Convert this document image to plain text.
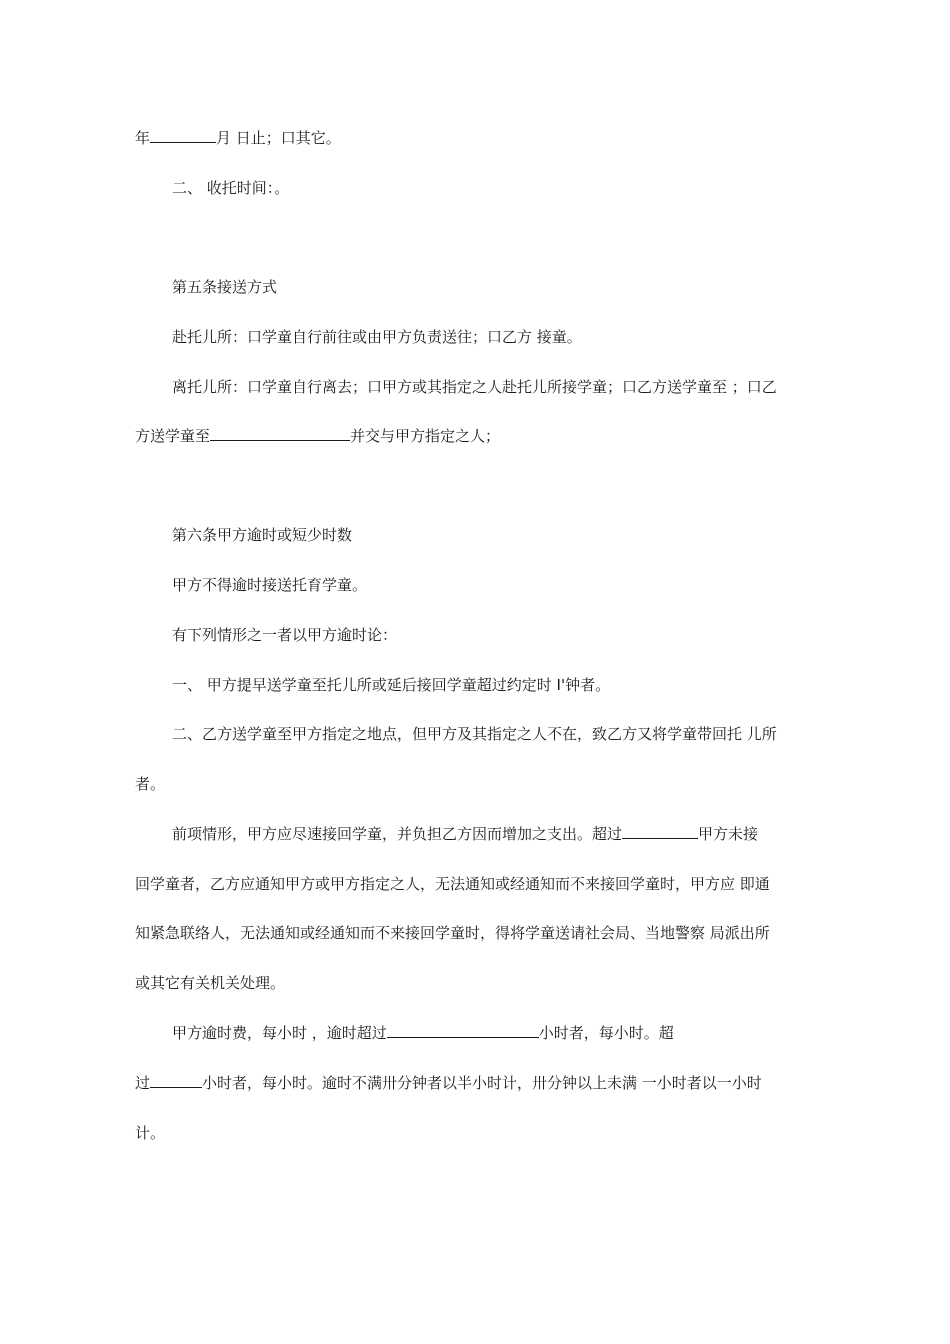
年	月 日止；口其它。
二、 收托时间：。
第五条接送方式
赴托儿所：口学童自行前往或由甲方负责送往；口乙方 接童。
离托儿所：口学童自行离去；口甲方或其指定之人赴托儿所接学童；口乙方送学童至 ；口乙
方送学童至	并交与甲方指定之人；
第六条甲方逾时或短少时数
甲方不得逾时接送托育学童。
有下列情形之一者以甲方逾时论：
一、 甲方提早送学童至托儿所或延后接回学童超过约定时 I'钟者。
二、乙方送学童至甲方指定之地点，但甲方及其指定之人不在，致乙方又将学童带回托 儿所
者。
前项情形，甲方应尽速接回学童，并负担乙方因而增加之支出。超过	甲方未接
回学童者，乙方应通知甲方或甲方指定之人，无法通知或经通知而不来接回学童时，甲方应 即通
知紧急联络人，无法通知或经通知而不来接回学童时，得将学童送请社会局、当地警察 局派出所
或其它有关机关处理。
甲方逾时费，每小时 ，逾时超过	小时者，每小时。超
过	小时者，每小时。逾时不满卅分钟者以半小时计，卅分钟以上未满 一小时者以一小时
计。
